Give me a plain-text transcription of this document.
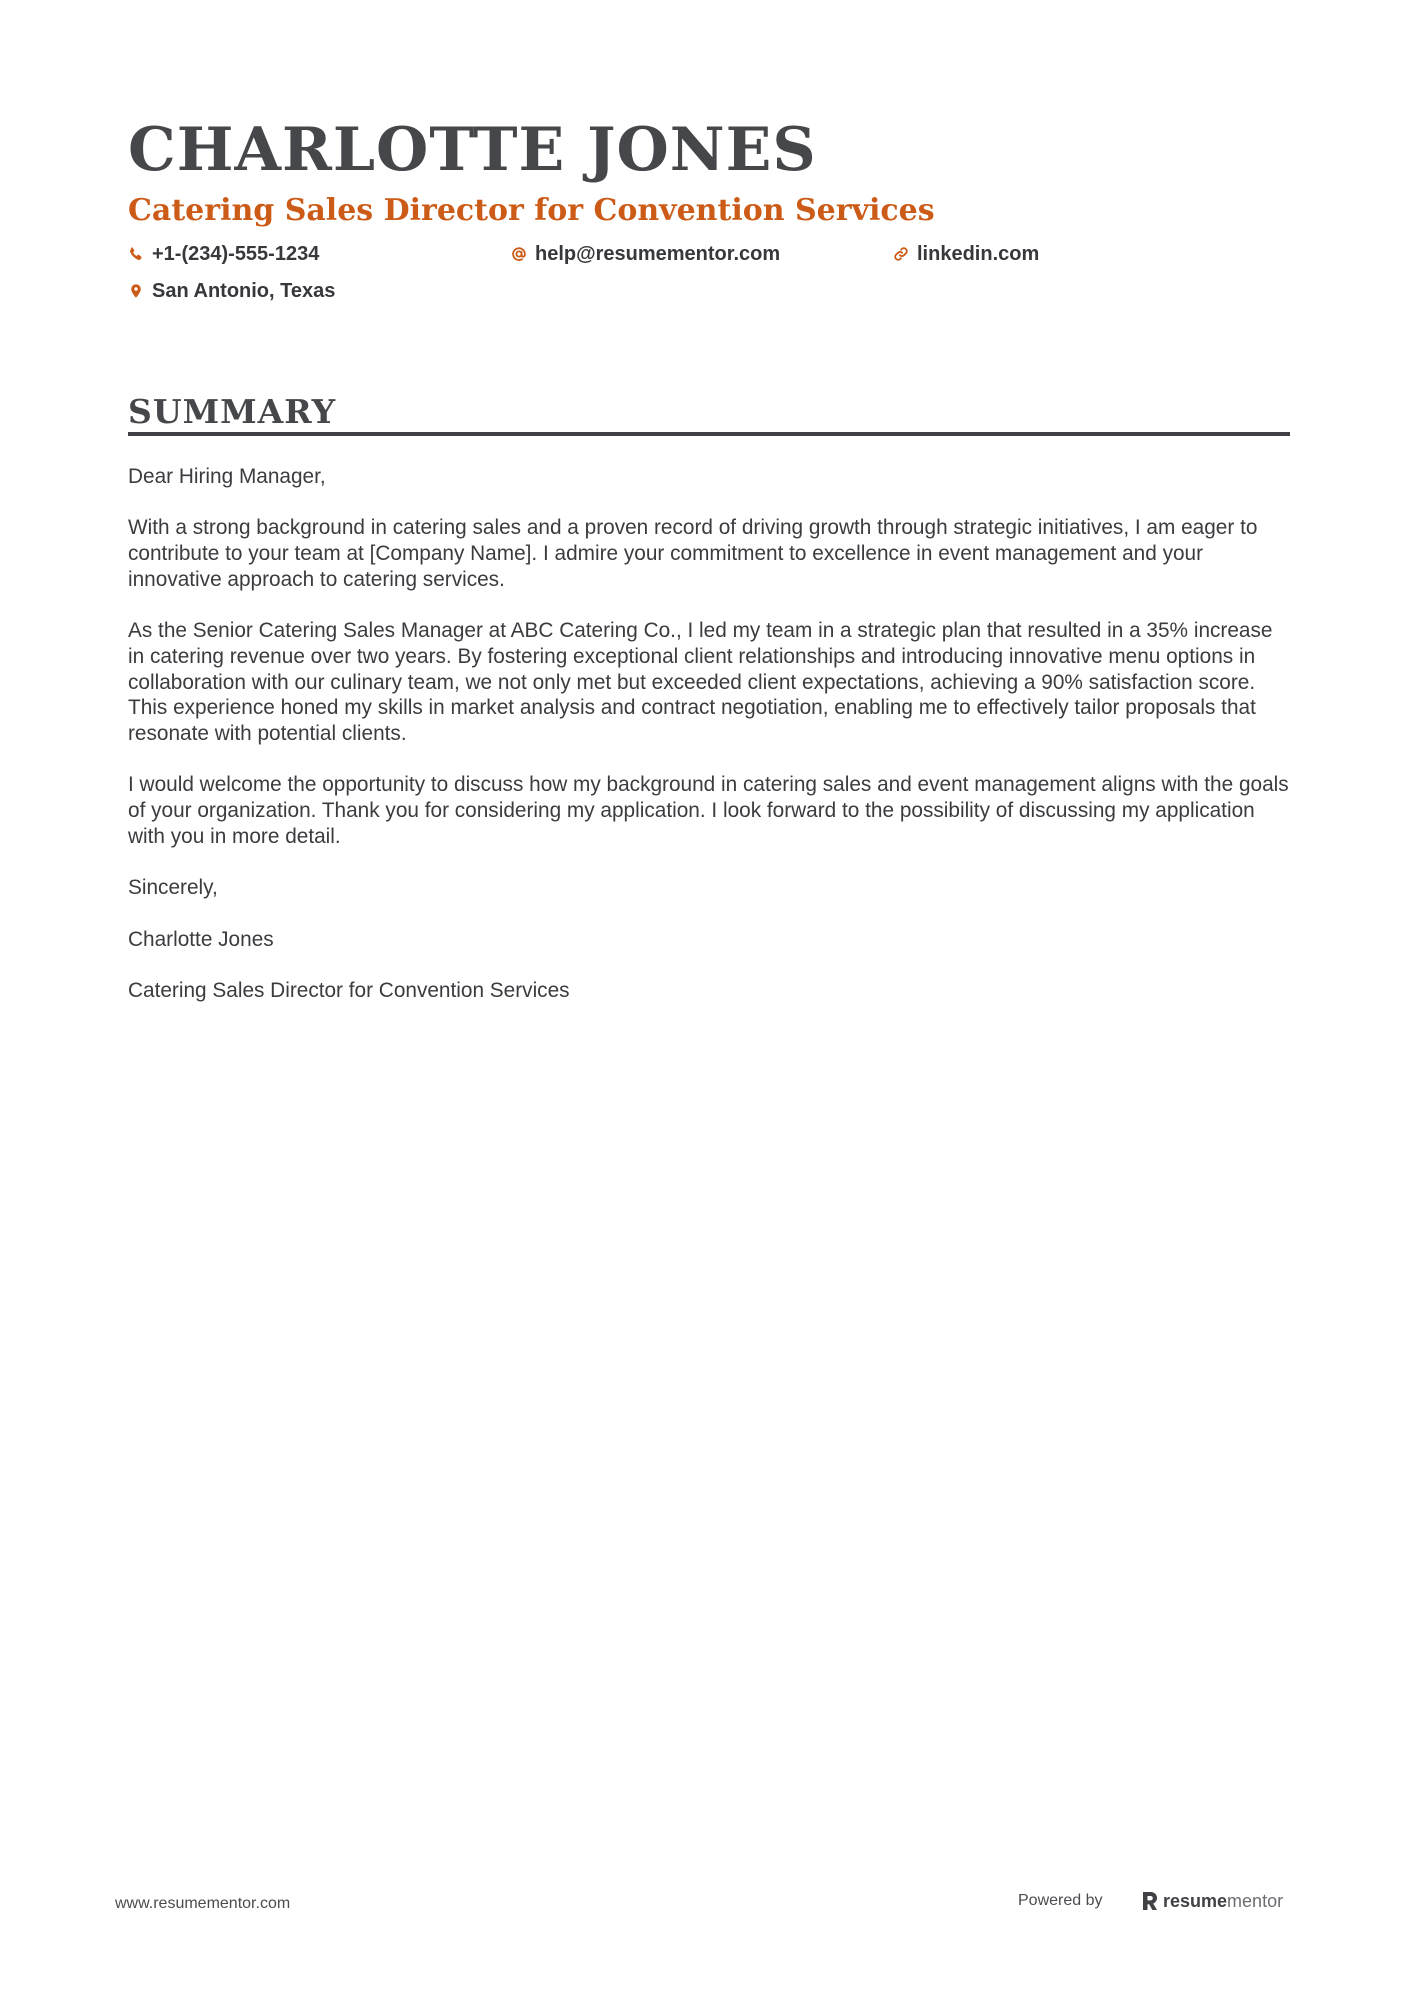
CHARLOTTE JONES
Catering Sales Director for Convention Services
+1-(234)-555-1234	help@resumementor.com	linkedin.com
San Antonio, Texas
SUMMARY

Dear Hiring Manager,

With a strong background in catering sales and a proven record of driving growth through strategic initiatives, I am eager to contribute to your team at [Company Name]. I admire your commitment to excellence in event management and your innovative approach to catering services.

As the Senior Catering Sales Manager at ABC Catering Co., I led my team in a strategic plan that resulted in a 35% increase in catering revenue over two years. By fostering exceptional client relationships and introducing innovative menu options in collaboration with our culinary team, we not only met but exceeded client expectations, achieving a 90% satisfaction score. This experience honed my skills in market analysis and contract negotiation, enabling me to effectively tailor proposals that resonate with potential clients.

I would welcome the opportunity to discuss how my background in catering sales and event management aligns with the goals of your organization. Thank you for considering my application. I look forward to the possibility of discussing my application with you in more detail.

Sincerely,

Charlotte Jones

Catering Sales Director for Convention Services

www.resumementor.com	Powered by	resume mentor
